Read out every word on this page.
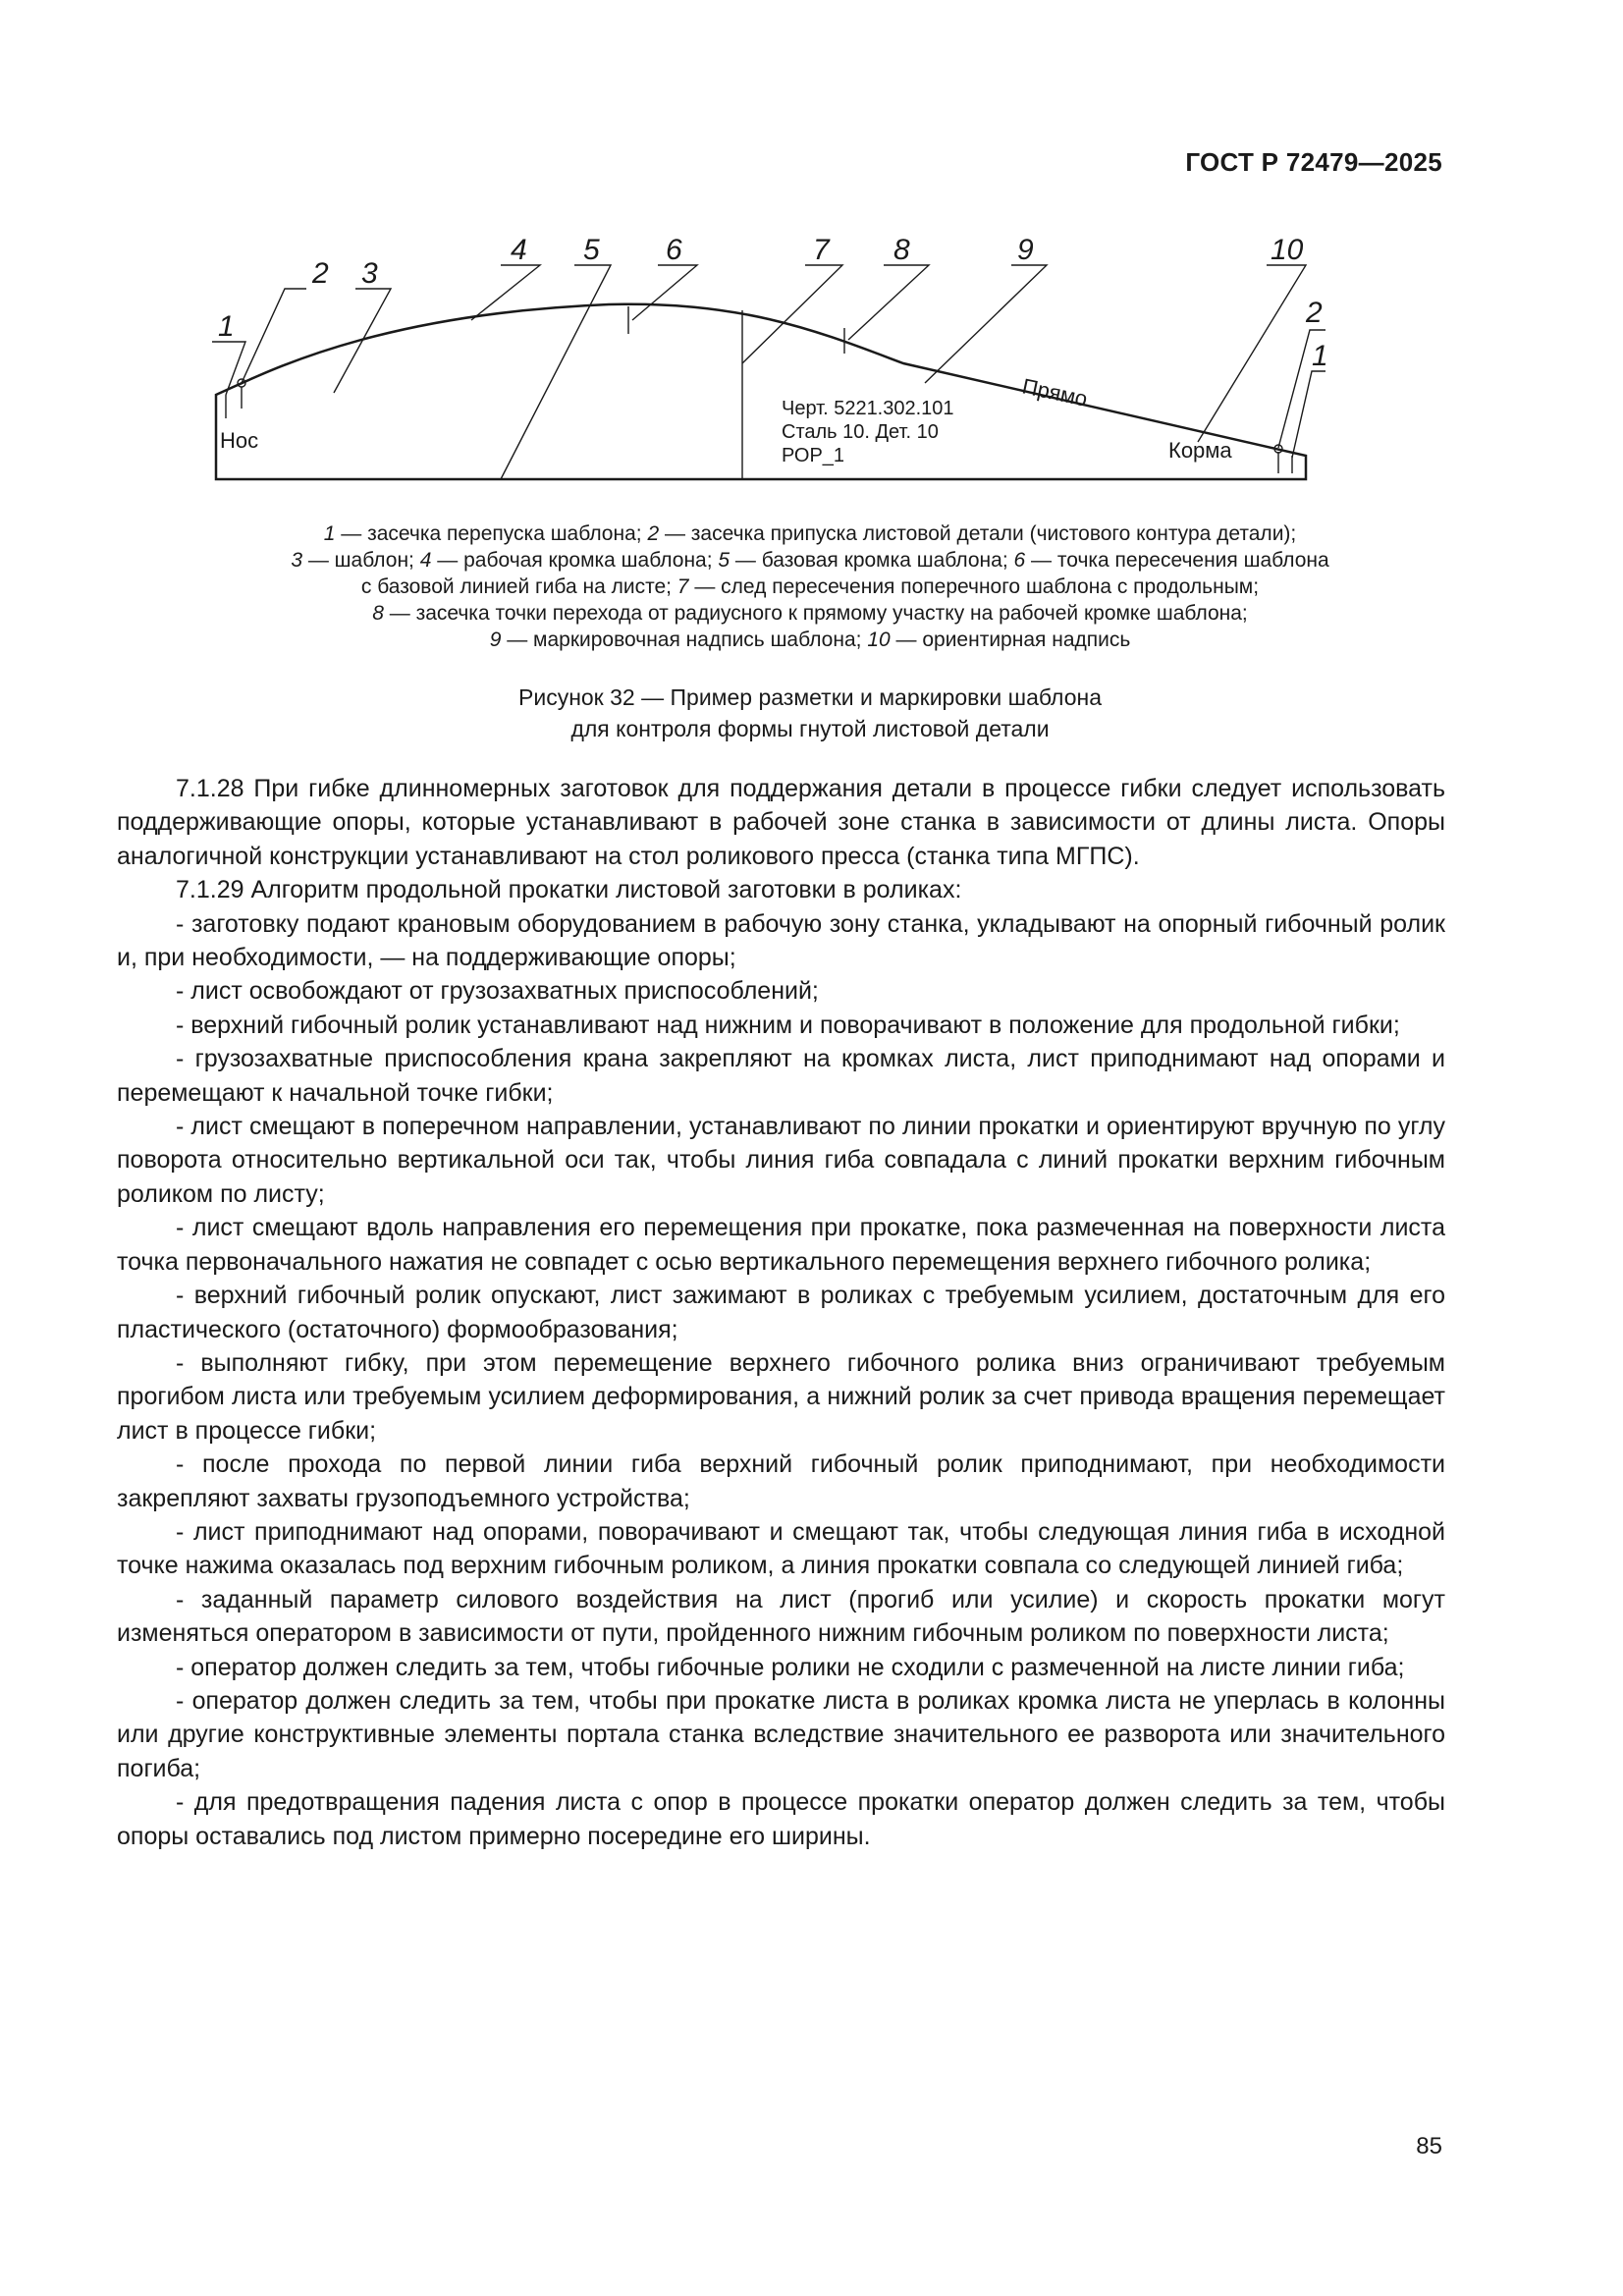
ГОСТ Р 72479—2025
1
2 3
4 5 6	7 8	9	10
2
1
Нос	Корма
Прямо
Черт. 5221.302.101
Сталь 10. Дет. 10
РОР_1
1 — засечка перепуска шаблона; 2 — засечка припуска листовой детали (чистового контура детали);
3 — шаблон; 4 — рабочая кромка шаблона; 5 — базовая кромка шаблона; 6 — точка пересечения шаблона
с базовой линией гиба на листе; 7 — след пересечения поперечного шаблона с продольным;
8 — засечка точки перехода от радиусного к прямому участку на рабочей кромке шаблона;
9 — маркировочная надпись шаблона; 10 — ориентирная надпись
Рисунок 32 — Пример разметки и маркировки шаблона
для контроля формы гнутой листовой детали

7.1.28 При гибке длинномерных заготовок для поддержания детали в процессе гибки следует использовать поддерживающие опоры, которые устанавливают в рабочей зоне станка в зависимости от длины листа. Опоры аналогичной конструкции устанавливают на стол роликового пресса (станка типа МГПС).

7.1.29 Алгоритм продольной прокатки листовой заготовки в роликах:

- заготовку подают крановым оборудованием в рабочую зону станка, укладывают на опорный гибочный ролик и, при необходимости, — на поддерживающие опоры;

- лист освобождают от грузозахватных приспособлений;

- верхний гибочный ролик устанавливают над нижним и поворачивают в положение для продольной гибки;

- грузозахватные приспособления крана закрепляют на кромках листа, лист приподнимают над опорами и перемещают к начальной точке гибки;

- лист смещают в поперечном направлении, устанавливают по линии прокатки и ориентируют вручную по углу поворота относительно вертикальной оси так, чтобы линия гиба совпадала с линий прокатки верхним гибочным роликом по листу;

- лист смещают вдоль направления его перемещения при прокатке, пока размеченная на поверхности листа точка первоначального нажатия не совпадет с осью вертикального перемещения верхнего гибочного ролика;

- верхний гибочный ролик опускают, лист зажимают в роликах с требуемым усилием, достаточным для его пластического (остаточного) формообразования;

- выполняют гибку, при этом перемещение верхнего гибочного ролика вниз ограничивают требуемым прогибом листа или требуемым усилием деформирования, а нижний ролик за счет привода вращения перемещает лист в процессе гибки;

- после прохода по первой линии гиба верхний гибочный ролик приподнимают, при необходимости закрепляют захваты грузоподъемного устройства;

- лист приподнимают над опорами, поворачивают и смещают так, чтобы следующая линия гиба в исходной точке нажима оказалась под верхним гибочным роликом, а линия прокатки совпала со следующей линией гиба;

- заданный параметр силового воздействия на лист (прогиб или усилие) и скорость прокатки могут изменяться оператором в зависимости от пути, пройденного нижним гибочным роликом по поверхности листа;

- оператор должен следить за тем, чтобы гибочные ролики не сходили с размеченной на листе линии гиба;

- оператор должен следить за тем, чтобы при прокатке листа в роликах кромка листа не уперлась в колонны или другие конструктивные элементы портала станка вследствие значительного ее разворота или значительного погиба;

- для предотвращения падения листа с опор в процессе прокатки оператор должен следить за тем, чтобы опоры оставались под листом примерно посередине его ширины.

85
